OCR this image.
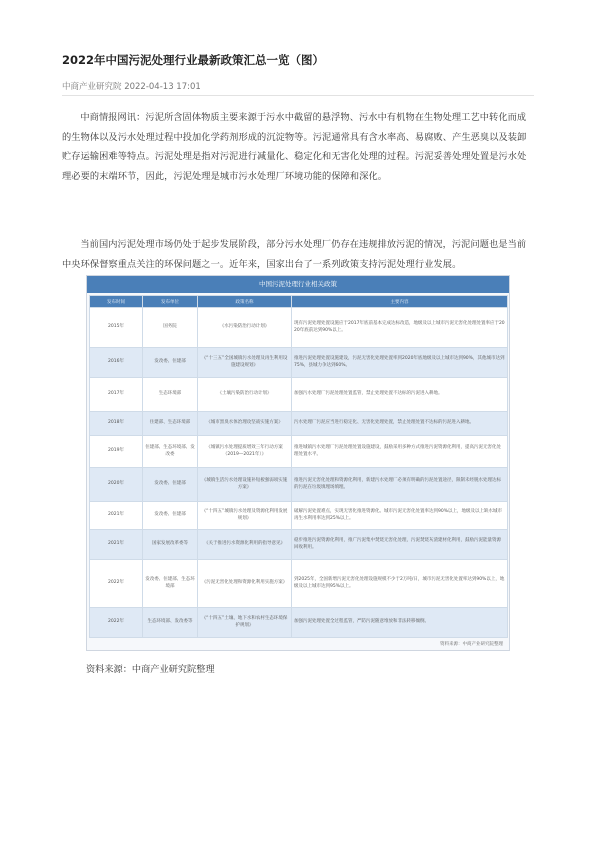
2022年中国污泥处理行业最新政策汇总一览（图）
中商产业研究院 2022-04-13 17:01

中商情报网讯：污泥所含固体物质主要来源于污水中截留的悬浮物、污水中有机物在生物处理工艺中转化而成的生物体以及污水处理过程中投加化学药剂形成的沉淀物等。污泥通常具有含水率高、易腐败、产生恶臭以及装卸贮存运输困难等特点。污泥处理是指对污泥进行减量化、稳定化和无害化处理的过程。污泥妥善处理处置是污水处理必要的末端环节，因此，污泥处理是城市污水处理厂环境功能的保障和深化。

当前国内污泥处理市场仍处于起步发展阶段，部分污水处理厂仍存在违规排放污泥的情况，污泥问题也是当前中央环保督察重点关注的环保问题之一。近年来，国家出台了一系列政策支持污泥处理行业发展。

中国污泥处理行业相关政策
发布时间	发布单位	政策名称	主要内容
2015年	国务院	《水污染防治行动计划》	现有污泥处理处置设施应于2017年底前基本完成达标改造，地级及以上城市污泥无害化处理处置率应于2020年底前达到90%以上。
2016年	发改委、住建部	《“十三五”全国城镇污水处理及再生利用设施建设规划》	推进污泥处理处置设施建设，污泥无害化处理处置率到2020年底地级及以上城市达到90%，其他城市达到75%，县城力争达到60%。
2017年	生态环境部	《土壤污染防治行动计划》	加强污水处理厂污泥处理处置监管，禁止处理处置不达标的污泥进入耕地。
2018年	住建部、生态环境部	《城市黑臭水体治理攻坚战实施方案》	污水处理厂污泥应当进行稳定化、无害化处理处置，禁止处理处置不达标的污泥进入耕地。
2019年	住建部、生态环境部、发改委	《城镇污水处理提质增效三年行动方案（2019—2021年）》	推进城镇污水处理厂污泥处理处置设施建设，鼓励采用多种方式推进污泥资源化利用，提高污泥无害化处理处置水平。
2020年	发改委、住建部	《城镇生活污水处理设施补短板强弱项实施方案》	推进污泥无害化处理和资源化利用，新建污水处理厂必须有明确的污泥处置途径，限制未经脱水处理达标的污泥在垃圾填埋场填埋。
2021年	发改委、住建部	《“十四五”城镇污水处理及资源化利用发展规划》	破解污泥处置难点，实现无害化推进资源化。城市污泥无害化处置率达到90%以上，地级及以上缺水城市再生水利用率达到25%以上。
2021年	国家发展改革委等	《关于推进污水资源化利用的指导意见》	稳步推进污泥资源化利用，推广污泥集中焚烧无害化处理，污泥焚烧灰渣建材化利用，鼓励污泥能量资源回收利用。
2022年	发改委、住建部、生态环境部	《污泥无害化处理和资源化利用实施方案》	到2025年，全国新增污泥无害化处理设施规模不少于2万吨/日，城市污泥无害化处置率达到90%以上，地级及以上城市达到95%以上。
2022年	生态环境部、发改委等	《“十四五”土壤、地下水和农村生态环境保护规划》	加强污泥处理处置全过程监管，严防污泥随意堆放和非法转移倾倒。
资料来源：中商产业研究院整理
资料来源：中商产业研究院整理
